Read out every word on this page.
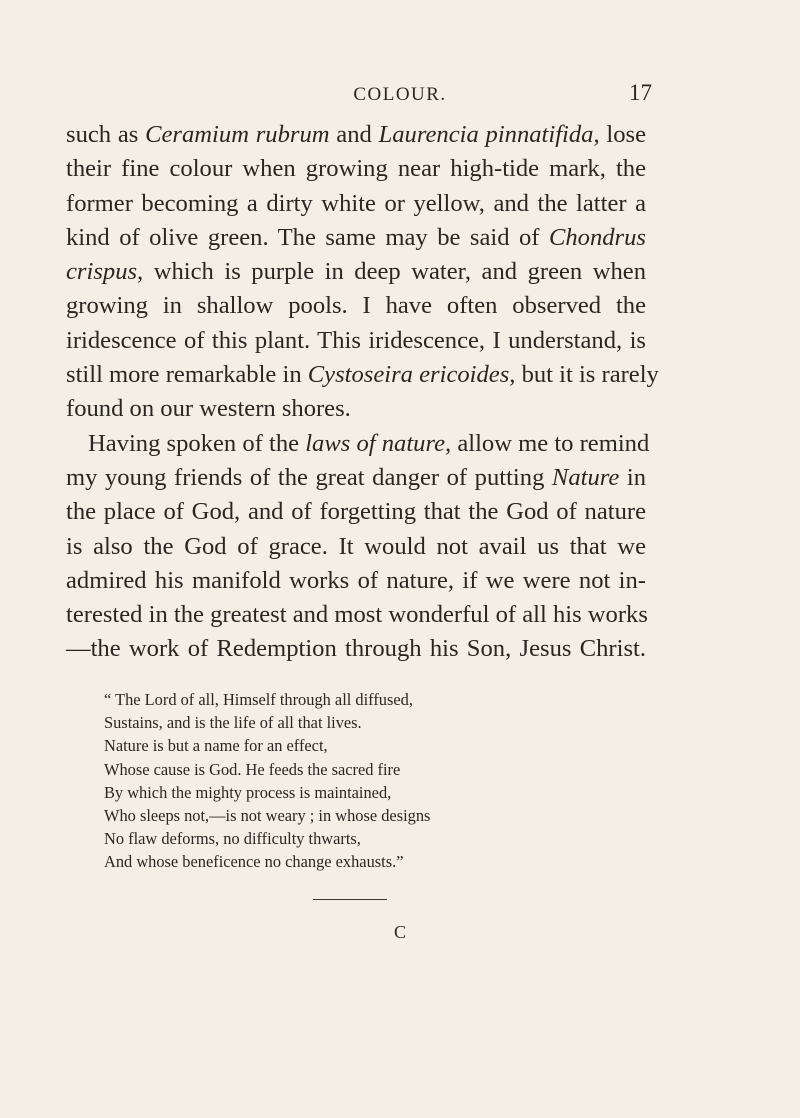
COLOUR.	17
such as Ceramium rubrum and Laurencia pinnatifida, lose
their fine colour when growing near high-tide mark, the
former becoming a dirty white or yellow, and the latter a
kind of olive green. The same may be said of Chondrus
crispus, which is purple in deep water, and green when
growing in shallow pools. I have often observed the
iridescence of this plant. This iridescence, I understand, is
still more remarkable in Cystoseira ericoides, but it is rarely
found on our western shores.
Having spoken of the laws of nature, allow me to remind
my young friends of the great danger of putting Nature in
the place of God, and of forgetting that the God of nature
is also the God of grace. It would not avail us that we
admired his manifold works of nature, if we were not in-
terested in the greatest and most wonderful of all his works
—the work of Redemption through his Son, Jesus Christ.
“ The Lord of all, Himself through all diffused,
Sustains, and is the life of all that lives.
Nature is but a name for an effect,
Whose cause is God. He feeds the sacred fire
By which the mighty process is maintained,
Who sleeps not,—is not weary ; in whose designs
No flaw deforms, no difficulty thwarts,
And whose beneficence no change exhausts.”
C
